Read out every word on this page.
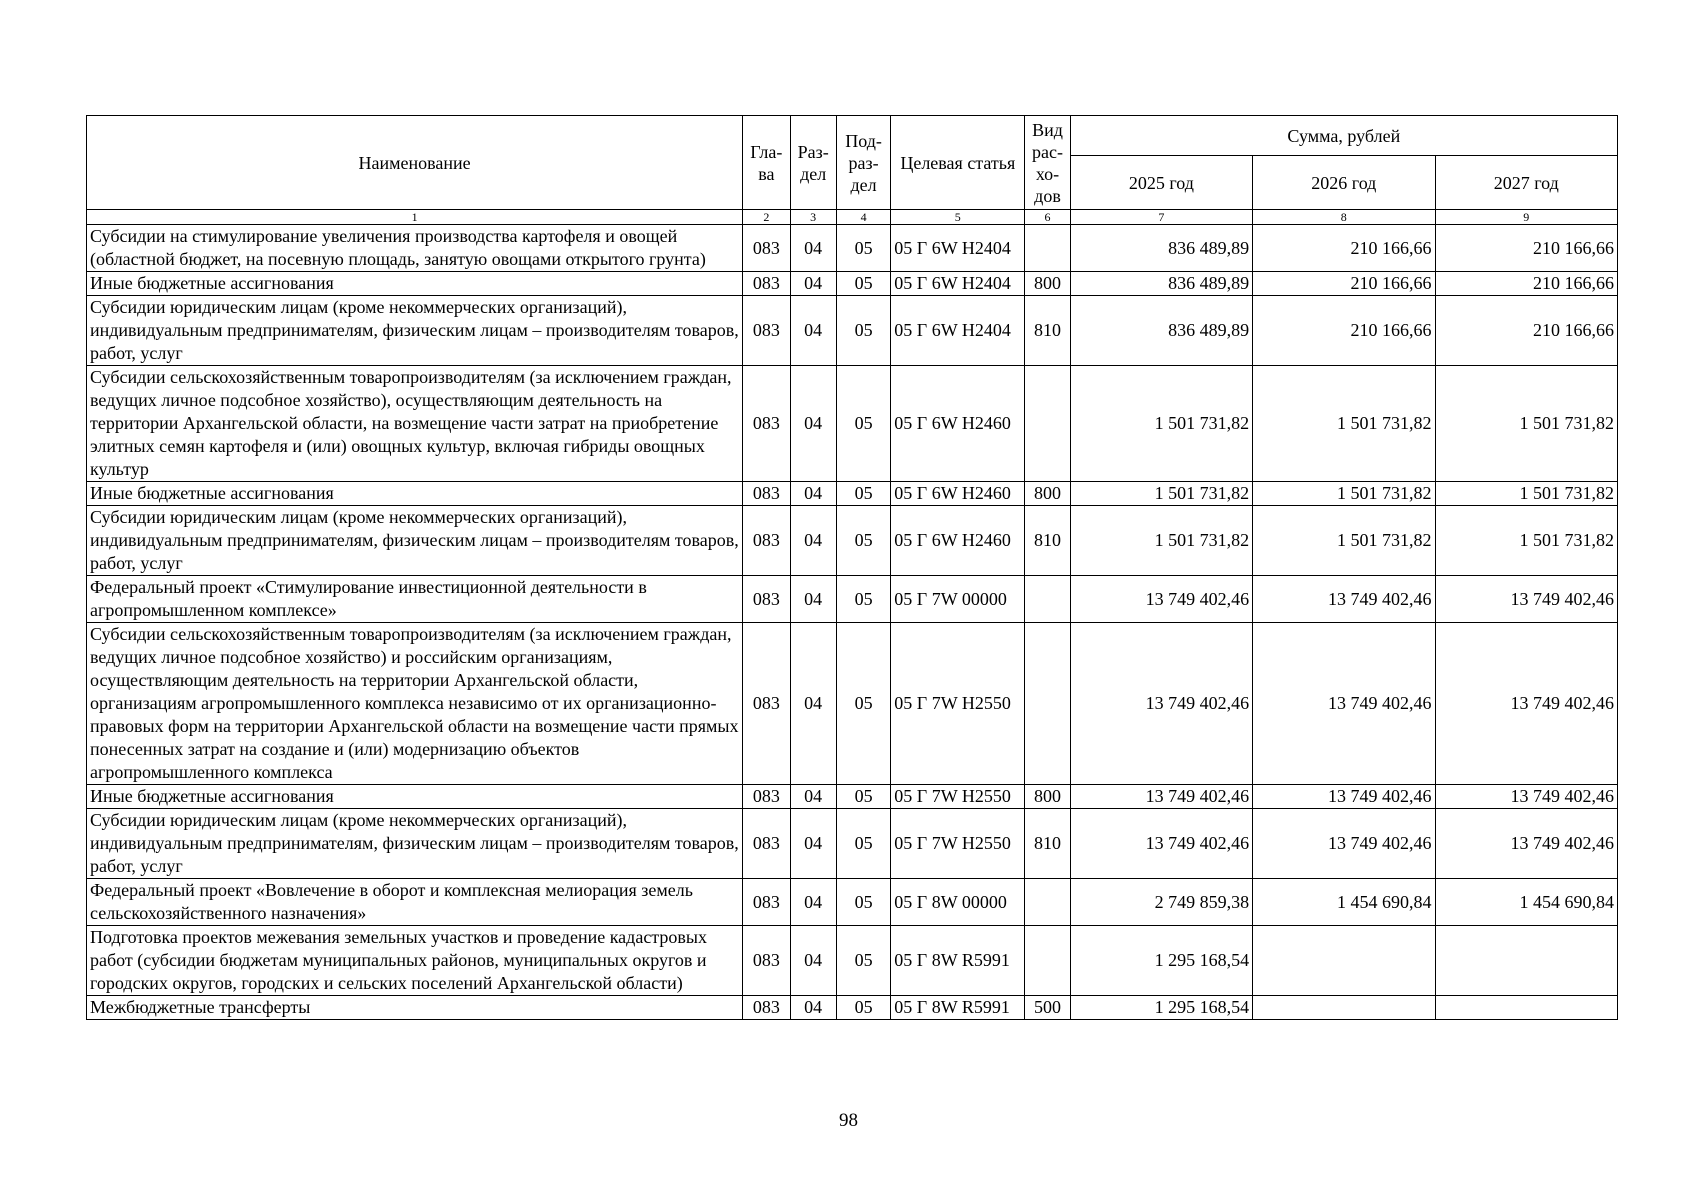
Наименование	Гла-ва	Раз-дел	Под-раз-дел	Целевая статья	Вид рас-хо-дов	Сумма, рублей		
						2025 год	2026 год	2027 год
1	2	3	4	5	6	7	8	9
Субсидии на стимулирование увеличения производства картофеля и овощей (областной бюджет, на посевную площадь, занятую овощами открытого грунта)	083	04	05	05 Г 6W Н2404		836 489,89	210 166,66	210 166,66
Иные бюджетные ассигнования	083	04	05	05 Г 6W Н2404	800	836 489,89	210 166,66	210 166,66
Субсидии юридическим лицам (кроме некоммерческих организаций), индивидуальным предпринимателям, физическим лицам – производителям товаров, работ, услуг	083	04	05	05 Г 6W Н2404	810	836 489,89	210 166,66	210 166,66
Субсидии сельскохозяйственным товаропроизводителям (за исключением граждан, ведущих личное подсобное хозяйство), осуществляющим деятельность на территории Архангельской области, на возмещение части затрат на приобретение элитных семян картофеля и (или) овощных культур, включая гибриды овощных культур	083	04	05	05 Г 6W Н2460		1 501 731,82	1 501 731,82	1 501 731,82
Иные бюджетные ассигнования	083	04	05	05 Г 6W Н2460	800	1 501 731,82	1 501 731,82	1 501 731,82
Субсидии юридическим лицам (кроме некоммерческих организаций), индивидуальным предпринимателям, физическим лицам – производителям товаров, работ, услуг	083	04	05	05 Г 6W Н2460	810	1 501 731,82	1 501 731,82	1 501 731,82
Федеральный проект «Стимулирование инвестиционной деятельности в агропромышленном комплексе»	083	04	05	05 Г 7W 00000		13 749 402,46	13 749 402,46	13 749 402,46
Субсидии сельскохозяйственным товаропроизводителям (за исключением граждан, ведущих личное подсобное хозяйство) и российским организациям, осуществляющим деятельность на территории Архангельской области, организациям агропромышленного комплекса независимо от их организационно-правовых форм на территории Архангельской области на возмещение части прямых понесенных затрат на создание и (или) модернизацию объектов агропромышленного комплекса	083	04	05	05 Г 7W Н2550		13 749 402,46	13 749 402,46	13 749 402,46
Иные бюджетные ассигнования	083	04	05	05 Г 7W Н2550	800	13 749 402,46	13 749 402,46	13 749 402,46
Субсидии юридическим лицам (кроме некоммерческих организаций), индивидуальным предпринимателям, физическим лицам – производителям товаров, работ, услуг	083	04	05	05 Г 7W Н2550	810	13 749 402,46	13 749 402,46	13 749 402,46
Федеральный проект «Вовлечение в оборот и комплексная мелиорация земель сельскохозяйственного назначения»	083	04	05	05 Г 8W 00000		2 749 859,38	1 454 690,84	1 454 690,84
Подготовка проектов межевания земельных участков и проведение кадастровых работ (субсидии бюджетам муниципальных районов, муниципальных округов и городских округов, городских и сельских поселений Архангельской области)	083	04	05	05 Г 8W R5991		1 295 168,54		
Межбюджетные трансферты	083	04	05	05 Г 8W R5991	500	1 295 168,54		
98
